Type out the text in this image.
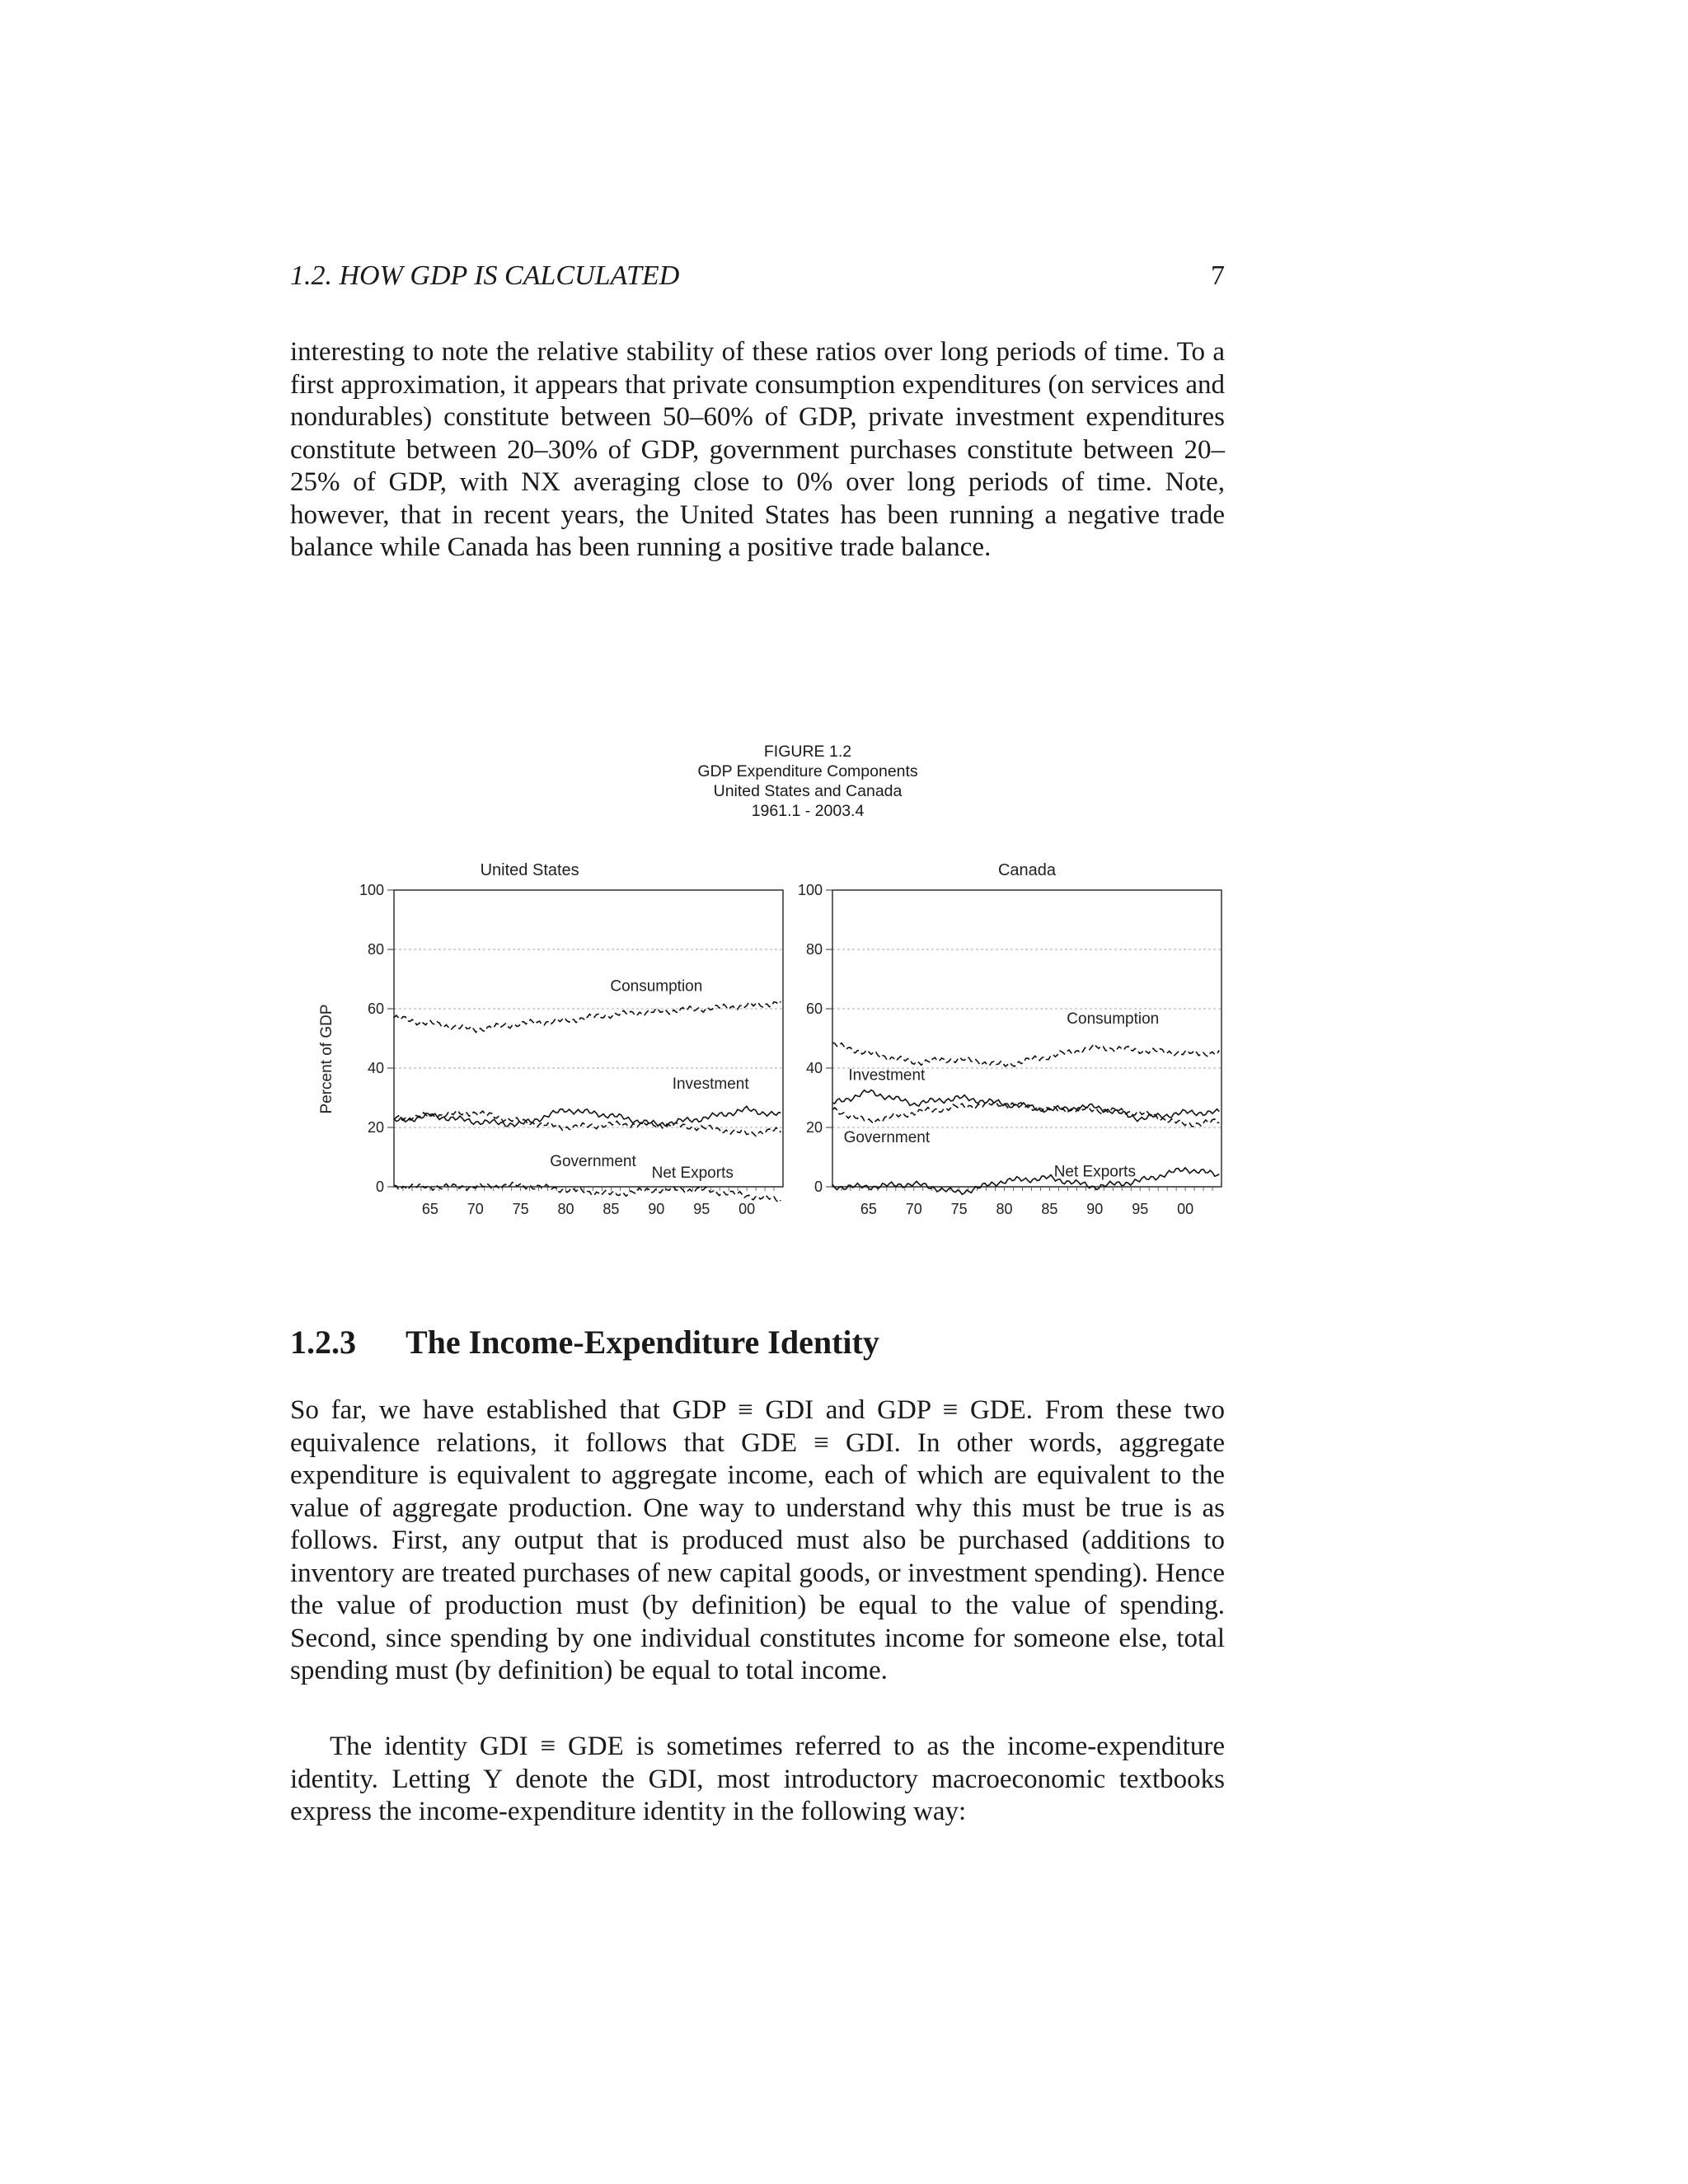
1.2. HOW GDP IS CALCULATED	7

interesting to note the relative stability of these ratios over long periods of time. To a first approximation, it appears that private consumption expenditures (on services and nondurables) constitute between 50–60% of GDP, private investment expenditures constitute between 20–30% of GDP, government purchases constitute between 20–25% of GDP, with NX averaging close to 0% over long periods of time. Note, however, that in recent years, the United States has been running a negative trade balance while Canada has been running a positive trade balance.

FIGURE 1.2
GDP Expenditure Components
United States and Canada
1961.1 - 2003.4
Percent of GDP
United States
0
20
40
60
80
100
65 70 75 80 85 90 95 00
Consumption
Investment
Government
Net Exports
Canada
0
20
40
60
80
100
65 70 75 80 85 90 95 00
Consumption
Investment
Government
Net Exports
1.2.3 The Income-Expenditure Identity

So far, we have established that GDP ≡ GDI and GDP ≡ GDE. From these two equivalence relations, it follows that GDE ≡ GDI. In other words, aggregate expenditure is equivalent to aggregate income, each of which are equivalent to the value of aggregate production. One way to understand why this must be true is as follows. First, any output that is produced must also be purchased (additions to inventory are treated purchases of new capital goods, or investment spending). Hence the value of production must (by definition) be equal to the value of spending. Second, since spending by one individual constitutes income for someone else, total spending must (by definition) be equal to total income.

The identity GDI ≡ GDE is sometimes referred to as the income-expenditure identity. Letting Y denote the GDI, most introductory macroeconomic textbooks express the income-expenditure identity in the following way:
